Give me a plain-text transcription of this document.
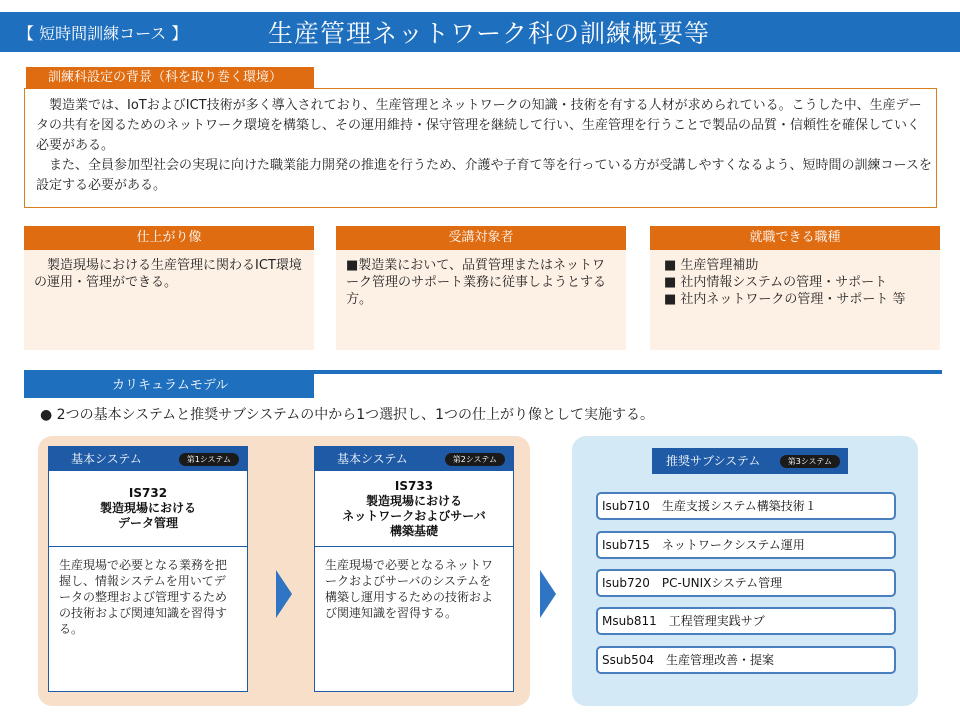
【 短時間訓練コース 】	生産管理ネットワーク科の訓練概要等
訓練科設定の背景（科を取り巻く環境）

製造業では、IoTおよびICT技術が多く導入されており、生産管理とネットワークの知識・技術を有する人材が求められている。こうした中、生産データの共有を図るためのネットワーク環境を構築し、その運用維持・保守管理を継続して行い、生産管理を行うことで製品の品質・信頼性を確保していく必要がある。

また、全員参加型社会の実現に向けた職業能力開発の推進を行うため、介護や子育て等を行っている方が受講しやすくなるよう、短時間の訓練コースを設定する必要がある。

仕上がり像
製造現場における生産管理に関わるICT環境の運用・管理ができる。
受講対象者
■製造業において、品質管理またはネットワーク管理のサポート業務に従事しようとする方。
就職できる職種
■ 生産管理補助
■ 社内情報システムの管理・サポート
■ 社内ネットワークの管理・サポート 等
カリキュラムモデル
● 2つの基本システムと推奨サブシステムの中から1つ選択し、1つの仕上がり像として実施する。
基本システム	第1システム
IS732
製造現場における
データ管理
生産現場で必要となる業務を把握し、情報システムを用いてデータの整理および管理するための技術および関連知識を習得する。
基本システム	第2システム
IS733
製造現場における
ネットワークおよびサーバ
構築基礎
生産現場で必要となるネットワークおよびサーバのシステムを構築し運用するための技術および関連知識を習得する。
推奨サブシステム	第3システム
Isub710　生産支援システム構築技術１
Isub715　ネットワークシステム運用
Isub720　PC-UNIXシステム管理
Msub811　工程管理実践サブ
Ssub504　生産管理改善・提案
